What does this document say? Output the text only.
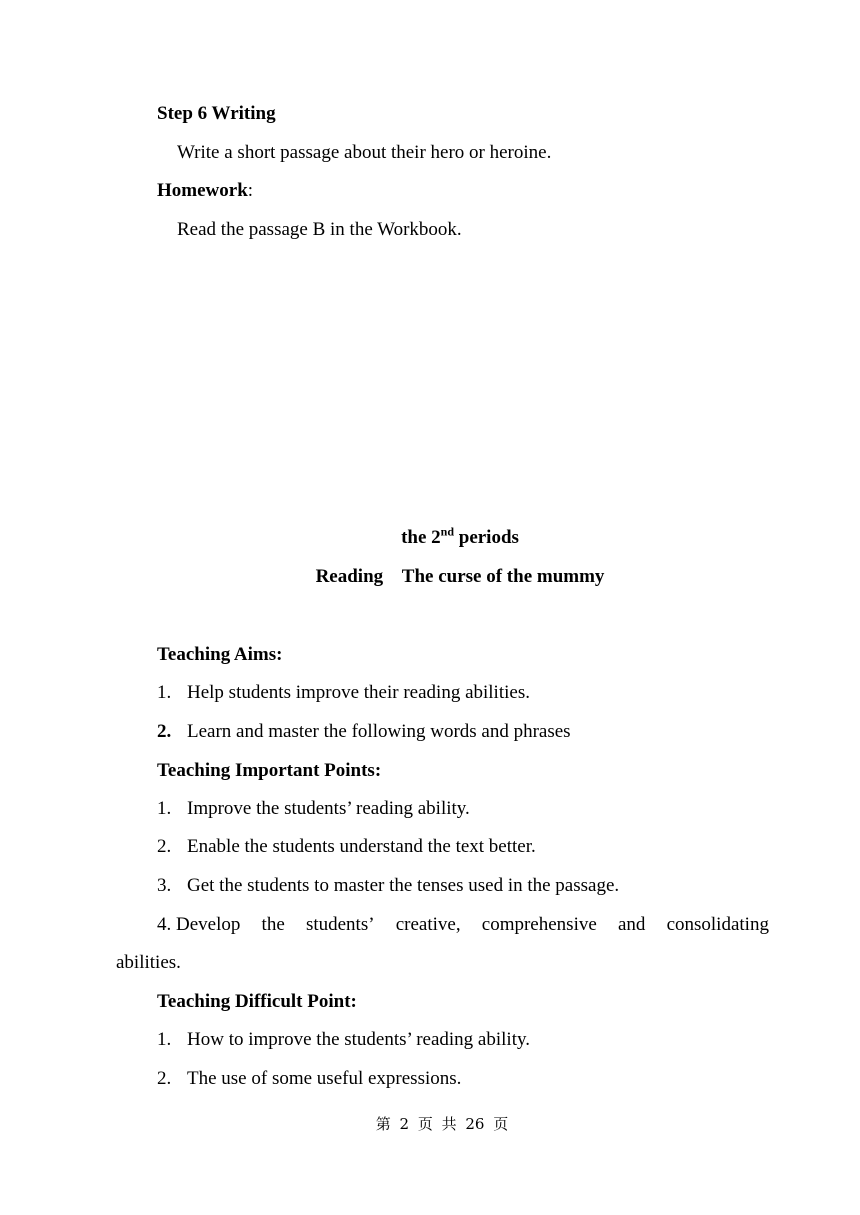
Step 6 Writing
Write a short passage about their hero or heroine.
Homework:
Read the passage B in the Workbook.
the 2nd periods
Reading    The curse of the mummy
Teaching Aims:
1. Help students improve their reading abilities.
2. Learn and master the following words and phrases
Teaching Important Points:
1. Improve the students’ reading ability.
2. Enable the students understand the text better.
3. Get the students to master the tenses used in the passage.
4. Develop the students’ creative, comprehensive and consolidating
abilities.
Teaching Difficult Point:
1. How to improve the students’ reading ability.
2. The use of some useful expressions.
第 2 页 共 26 页
